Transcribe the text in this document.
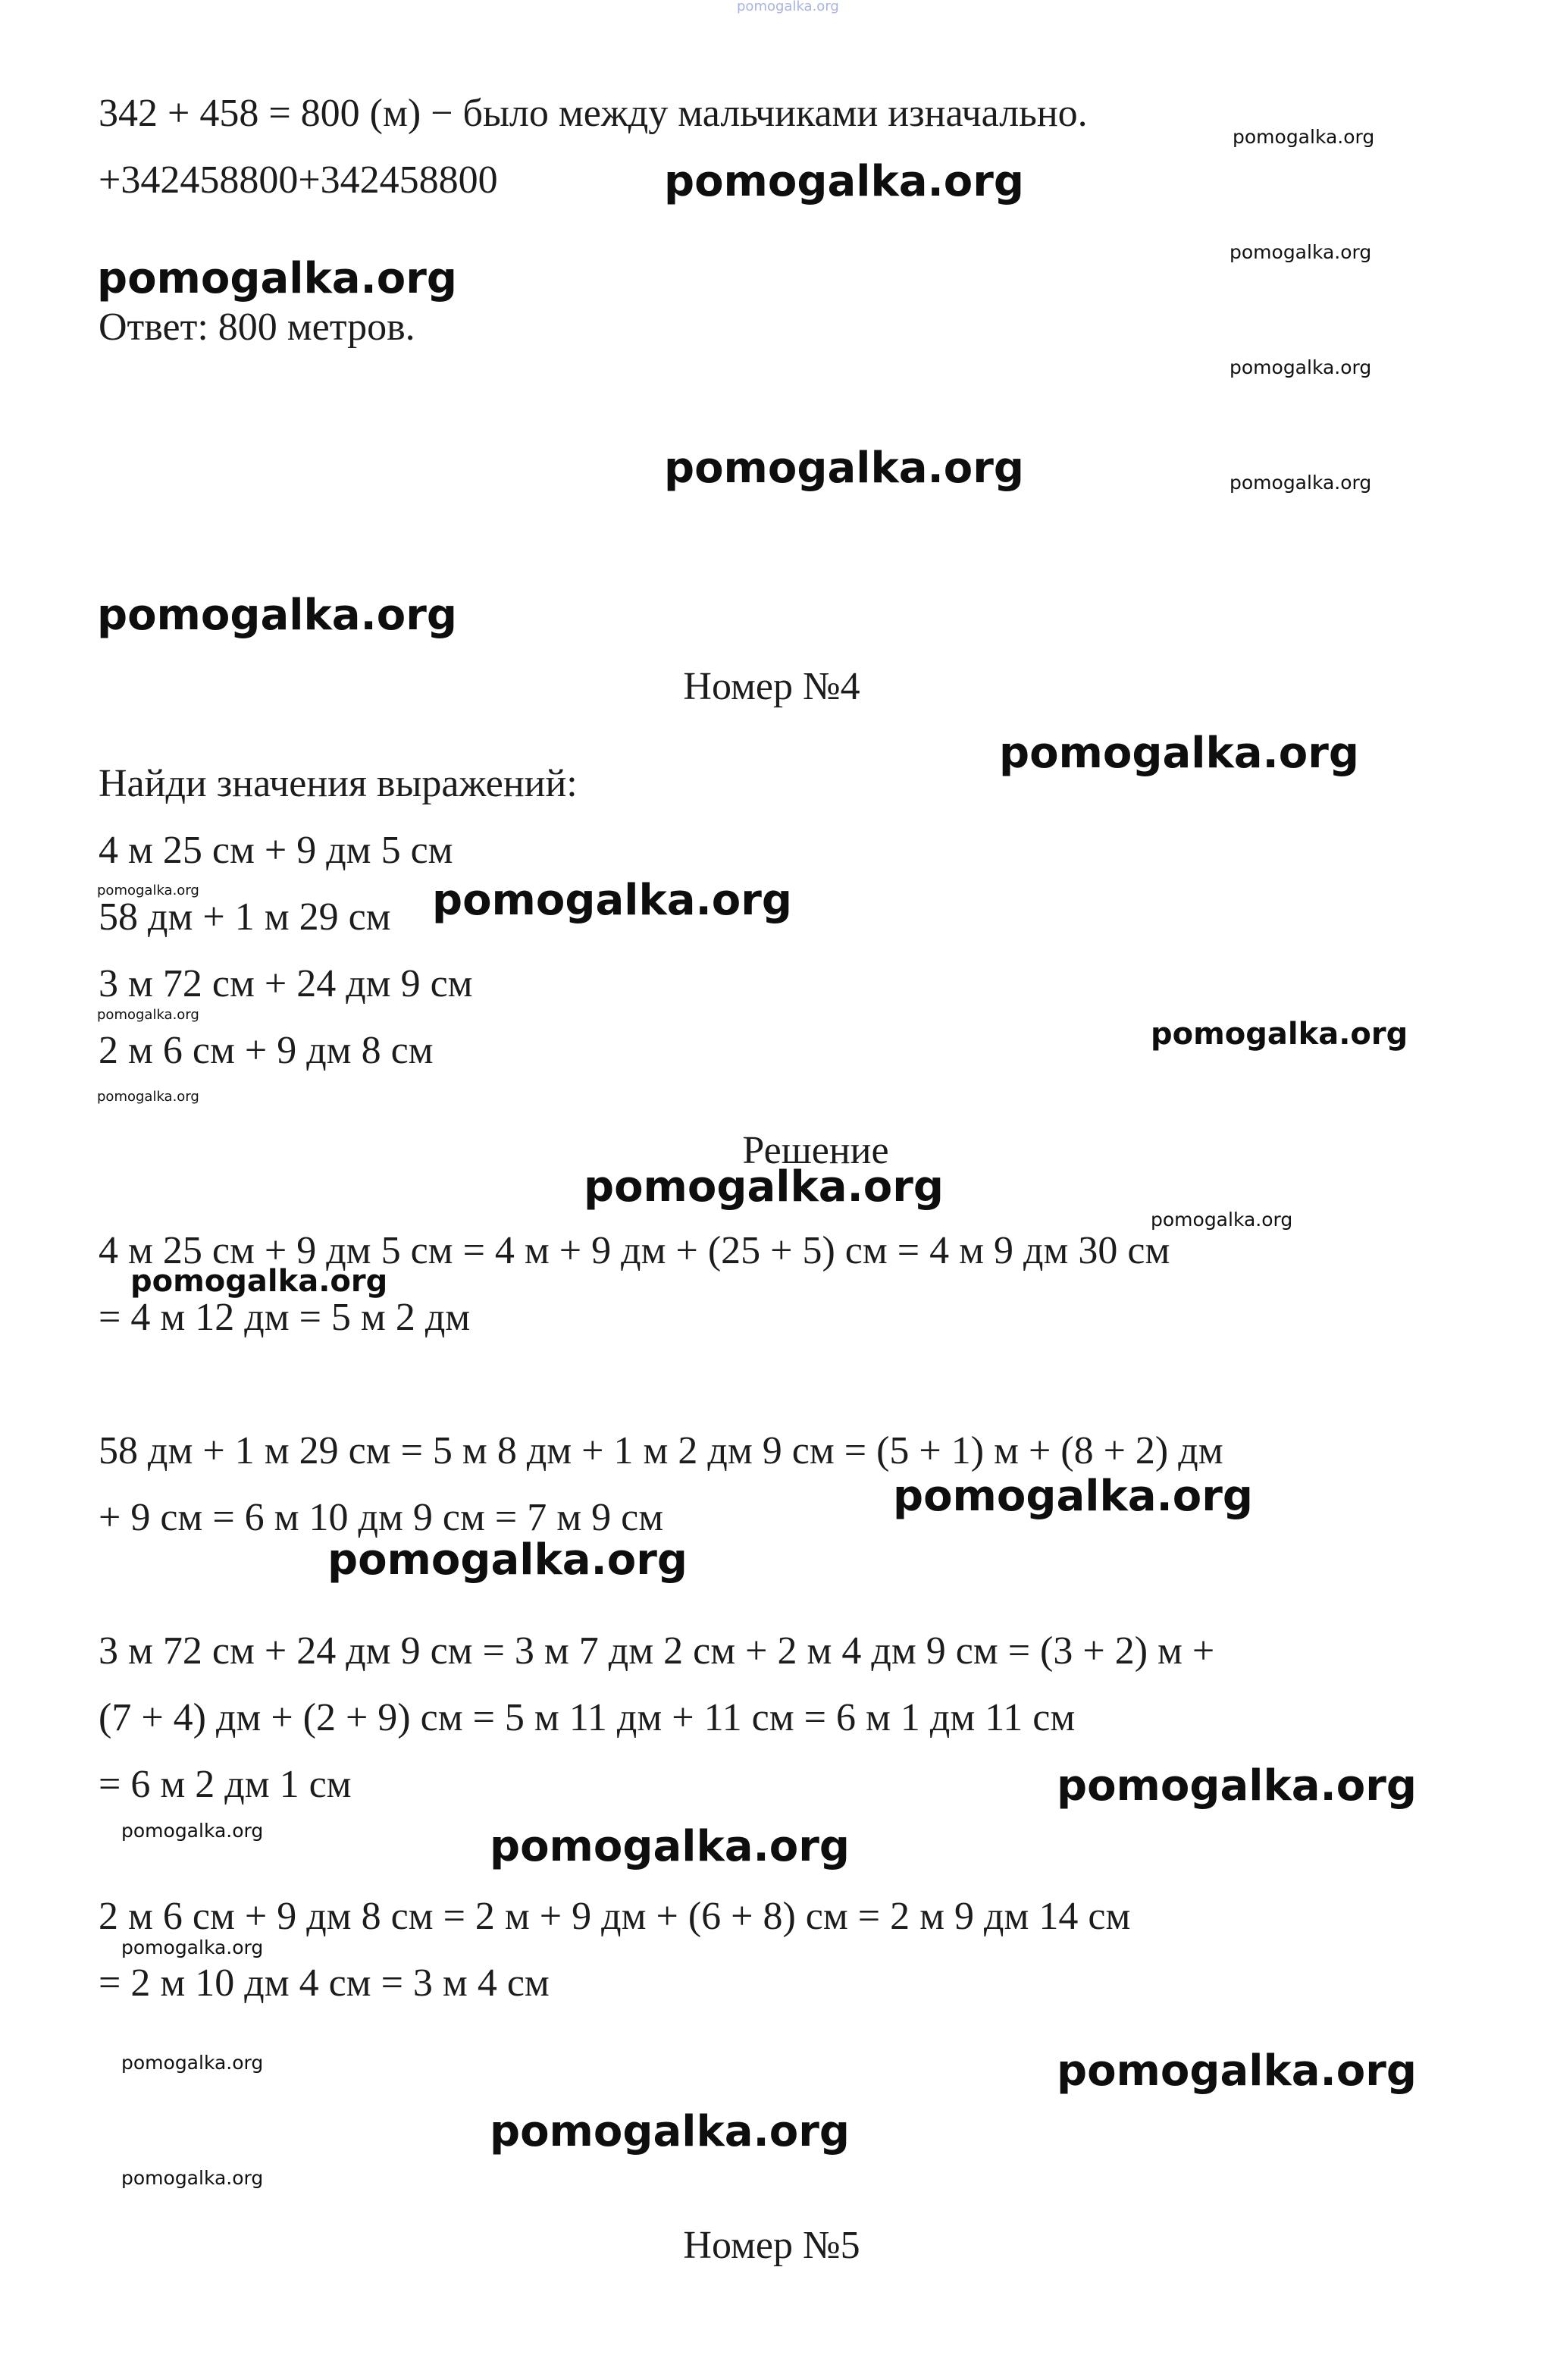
pomogalka.org

342 + 458 = 800 (м) − было между мальчиками изначально.

+342458800+342458800

Ответ: 800 метров.

Номер №4

Найди значения выражений:

4 м 25 см + 9 дм 5 см

58 дм + 1 м 29 см

3 м 72 см + 24 дм 9 см

2 м 6 см + 9 дм 8 см

Решение

4 м 25 см + 9 дм 5 см = 4 м + 9 дм + (25 + 5) см = 4 м 9 дм 30 см

= 4 м 12 дм = 5 м 2 дм

58 дм + 1 м 29 см = 5 м 8 дм + 1 м 2 дм 9 см = (5 + 1) м + (8 + 2) дм

+ 9 см = 6 м 10 дм 9 см = 7 м 9 см

3 м 72 см + 24 дм 9 см = 3 м 7 дм 2 см + 2 м 4 дм 9 см = (3 + 2) м +

(7 + 4) дм + (2 + 9) см = 5 м 11 дм + 11 см = 6 м 1 дм 11 см

= 6 м 2 дм 1 см

2 м 6 см + 9 дм 8 см = 2 м + 9 дм + (6 + 8) см = 2 м 9 дм 14 см

= 2 м 10 дм 4 см = 3 м 4 см

Номер №5

pomogalka.org
pomogalka.org
pomogalka.org
pomogalka.org
pomogalka.org
pomogalka.org
pomogalka.org
pomogalka.org
pomogalka.org
pomogalka.org
pomogalka.org
pomogalka.org
pomogalka.org
pomogalka.org
pomogalka.org
pomogalka.org
pomogalka.org
pomogalka.org
pomogalka.org
pomogalka.org
pomogalka.org
pomogalka.org
pomogalka.org
pomogalka.org
pomogalka.org
pomogalka.org
pomogalka.org
